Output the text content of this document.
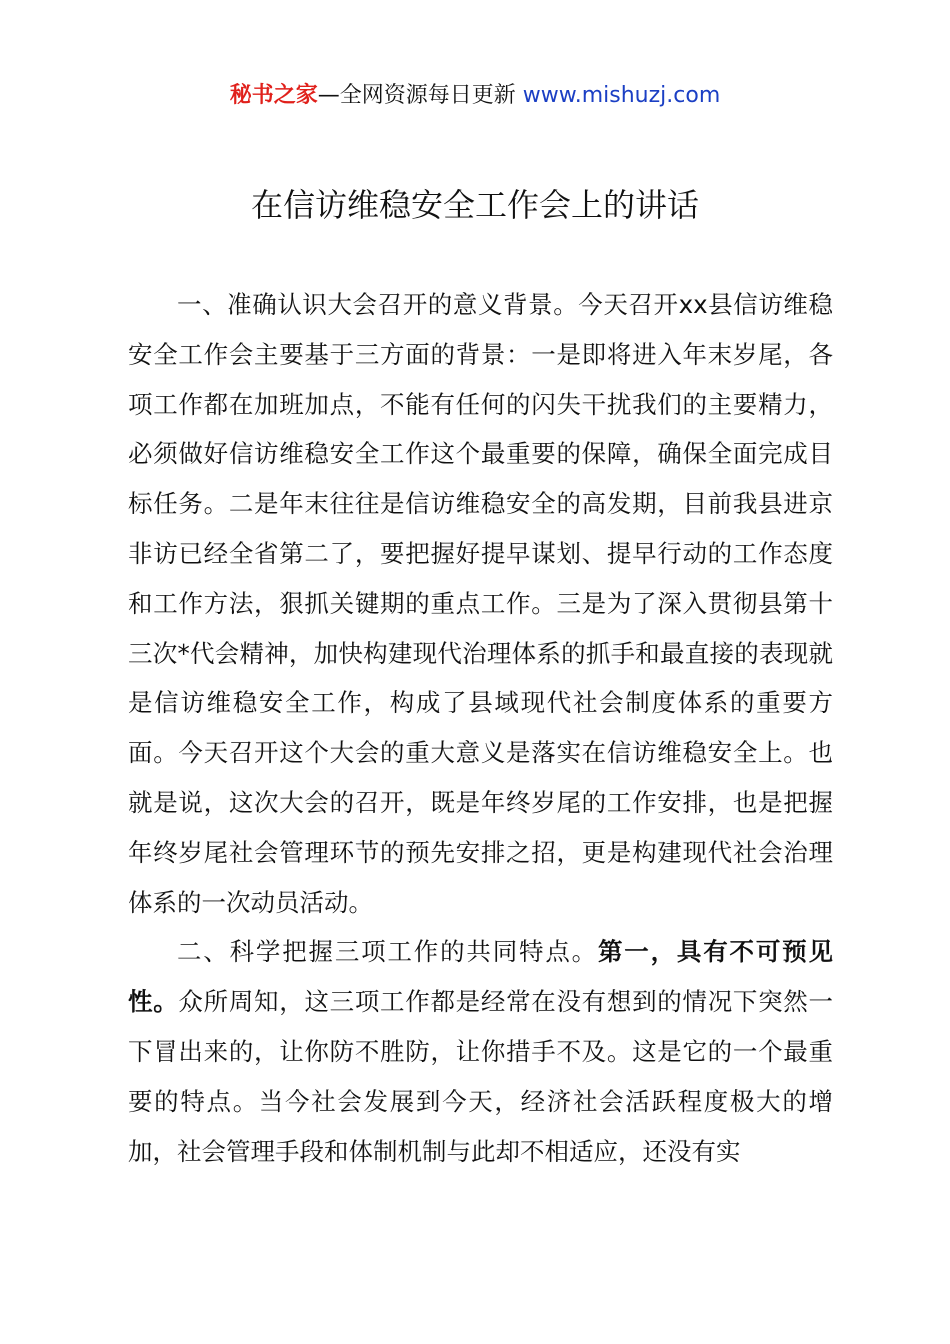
秘书之家—全网资源每日更新 www.mishuzj.com
在信访维稳安全工作会上的讲话

一、准确认识大会召开的意义背景。今天召开xx县信访维稳安全工作会主要基于三方面的背景：一是即将进入年末岁尾，各项工作都在加班加点，不能有任何的闪失干扰我们的主要精力，必须做好信访维稳安全工作这个最重要的保障，确保全面完成目标任务。二是年末往往是信访维稳安全的高发期，目前我县进京非访已经全省第二了，要把握好提早谋划、提早行动的工作态度和工作方法，狠抓关键期的重点工作。三是为了深入贯彻县第十三次*代会精神，加快构建现代治理体系的抓手和最直接的表现就是信访维稳安全工作，构成了县域现代社会制度体系的重要方面。今天召开这个大会的重大意义是落实在信访维稳安全上。也就是说，这次大会的召开，既是年终岁尾的工作安排，也是把握年终岁尾社会管理环节的预先安排之招，更是构建现代社会治理体系的一次动员活动。

二、科学把握三项工作的共同特点。第一，具有不可预见性。众所周知，这三项工作都是经常在没有想到的情况下突然一下冒出来的，让你防不胜防，让你措手不及。这是它的一个最重要的特点。当今社会发展到今天，经济社会活跃程度极大的增加，社会管理手段和体制机制与此却不相适应，还没有实
